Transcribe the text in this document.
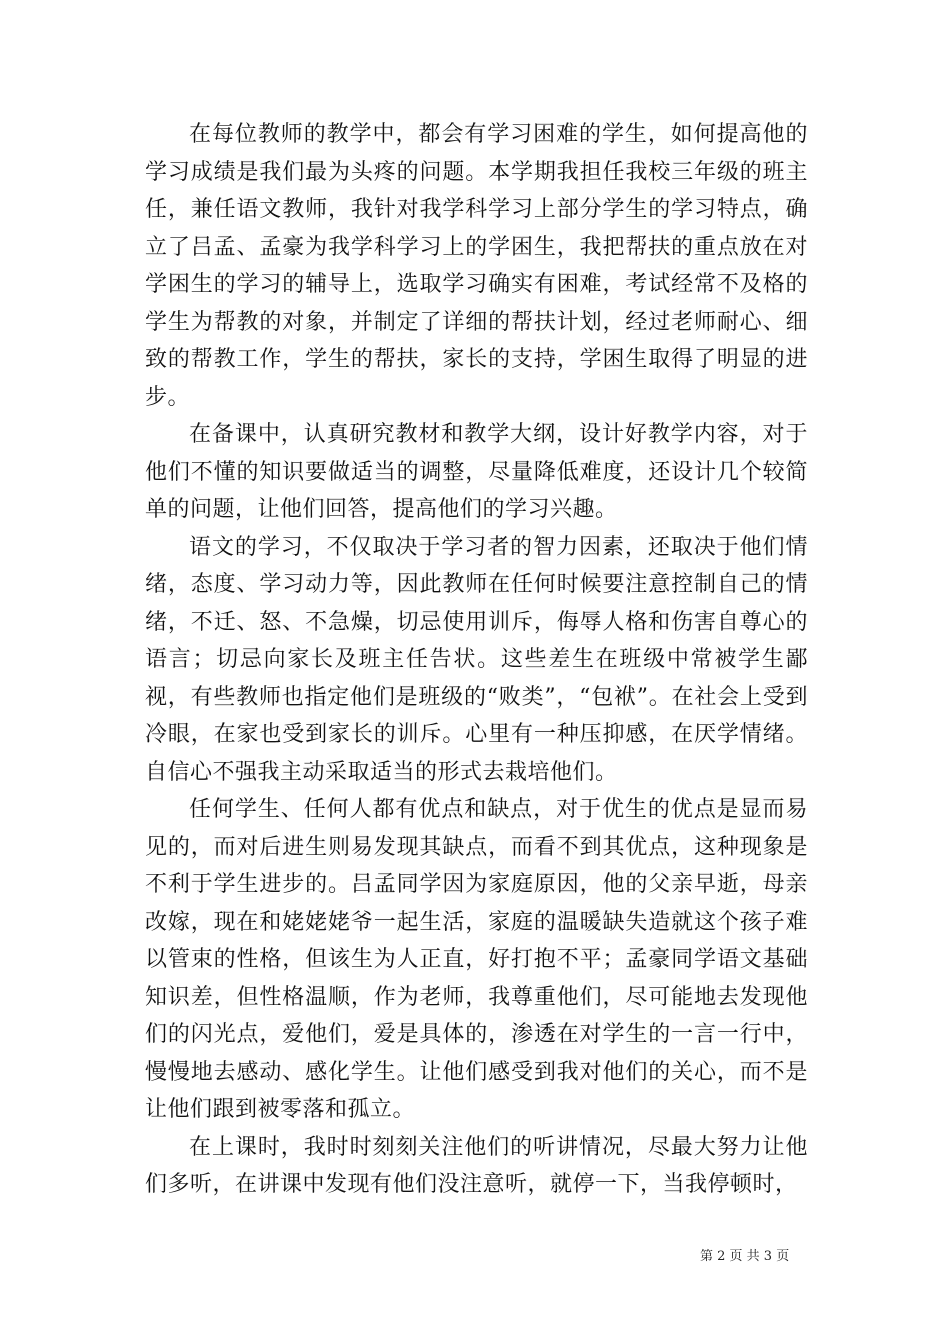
在每位教师的教学中，都会有学习困难的学生，如何提高他的学习成绩是我们最为头疼的问题。本学期我担任我校三年级的班主任，兼任语文教师，我针对我学科学习上部分学生的学习特点，确立了吕孟、孟豪为我学科学习上的学困生，我把帮扶的重点放在对学困生的学习的辅导上，选取学习确实有困难，考试经常不及格的学生为帮教的对象，并制定了详细的帮扶计划，经过老师耐心、细致的帮教工作，学生的帮扶，家长的支持，学困生取得了明显的进步。

在备课中，认真研究教材和教学大纲，设计好教学内容，对于他们不懂的知识要做适当的调整，尽量降低难度，还设计几个较简单的问题，让他们回答，提高他们的学习兴趣。

语文的学习，不仅取决于学习者的智力因素，还取决于他们情绪，态度、学习动力等，因此教师在任何时候要注意控制自己的情绪，不迁、怒、不急燥，切忌使用训斥，侮辱人格和伤害自尊心的语言；切忌向家长及班主任告状。这些差生在班级中常被学生鄙视，有些教师也指定他们是班级的“败类”，“包袱”。在社会上受到冷眼，在家也受到家长的训斥。心里有一种压抑感，在厌学情绪。自信心不强我主动采取适当的形式去栽培他们。

任何学生、任何人都有优点和缺点，对于优生的优点是显而易见的，而对后进生则易发现其缺点，而看不到其优点，这种现象是不利于学生进步的。吕孟同学因为家庭原因，他的父亲早逝，母亲改嫁，现在和姥姥姥爷一起生活，家庭的温暖缺失造就这个孩子难以管束的性格，但该生为人正直，好打抱不平；孟豪同学语文基础知识差，但性格温顺，作为老师，我尊重他们，尽可能地去发现他们的闪光点，爱他们，爱是具体的，渗透在对学生的一言一行中，慢慢地去感动、感化学生。让他们感受到我对他们的关心，而不是让他们跟到被零落和孤立。

在上课时，我时时刻刻关注他们的听讲情况，尽最大努力让他们多听，在讲课中发现有他们没注意听，就停一下，当我停顿时，

第 2 页 共 3 页
